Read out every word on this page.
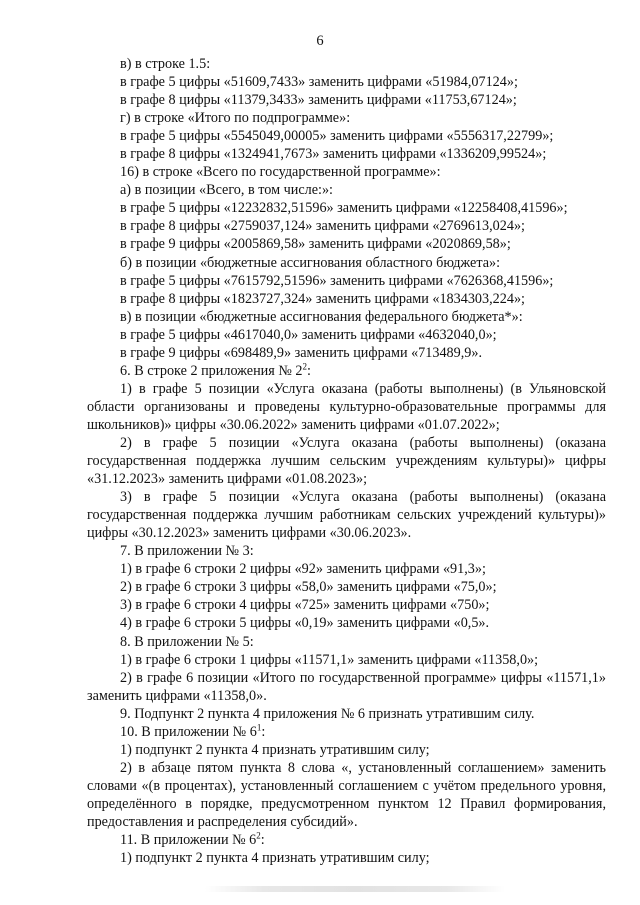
6
в) в строке 1.5:
в графе 5 цифры «51609,7433» заменить цифрами «51984,07124»;
в графе 8 цифры «11379,3433» заменить цифрами «11753,67124»;
г) в строке «Итого по подпрограмме»:
в графе 5 цифры «5545049,00005» заменить цифрами «5556317,22799»;
в графе 8 цифры «1324941,7673» заменить цифрами «1336209,99524»;
16) в строке «Всего по государственной программе»:
а) в позиции «Всего, в том числе:»:
в графе 5 цифры «12232832,51596» заменить цифрами «12258408,41596»;
в графе 8 цифры «2759037,124» заменить цифрами «2769613,024»;
в графе 9 цифры «2005869,58» заменить цифрами «2020869,58»;
б) в позиции «бюджетные ассигнования областного бюджета»:
в графе 5 цифры «7615792,51596» заменить цифрами «7626368,41596»;
в графе 8 цифры «1823727,324» заменить цифрами «1834303,224»;
в) в позиции «бюджетные ассигнования федерального бюджета*»:
в графе 5 цифры «4617040,0» заменить цифрами «4632040,0»;
в графе 9 цифры «698489,9» заменить цифрами «713489,9».
6. В строке 2 приложения № $2^2$:
1) в графе 5 позиции «Услуга оказана (работы выполнены) (в Ульяновской области организованы и проведены культурно-образовательные программы для школьников)» цифры «30.06.2022» заменить цифрами «01.07.2022»;
2) в графе 5 позиции «Услуга оказана (работы выполнены) (оказана государственная поддержка лучшим сельским учреждениям культуры)» цифры «31.12.2023» заменить цифрами «01.08.2023»;
3) в графе 5 позиции «Услуга оказана (работы выполнены) (оказана государственная поддержка лучшим работникам сельских учреждений культуры)» цифры «30.12.2023» заменить цифрами «30.06.2023».
7. В приложении № 3:
1) в графе 6 строки 2 цифры «92» заменить цифрами «91,3»;
2) в графе 6 строки 3 цифры «58,0» заменить цифрами «75,0»;
3) в графе 6 строки 4 цифры «725» заменить цифрами «750»;
4) в графе 6 строки 5 цифры «0,19» заменить цифрами «0,5».
8. В приложении № 5:
1) в графе 6 строки 1 цифры «11571,1» заменить цифрами «11358,0»;
2) в графе 6 позиции «Итого по государственной программе» цифры «11571,1» заменить цифрами «11358,0».
9. Подпункт 2 пункта 4 приложения № 6 признать утратившим силу.
10. В приложении № $6^1$:
1) подпункт 2 пункта 4 признать утратившим силу;
2) в абзаце пятом пункта 8 слова «, установленный соглашением» заменить словами «(в процентах), установленный соглашением с учётом предельного уровня, определённого в порядке, предусмотренном пунктом 12 Правил формирования, предоставления и распределения субсидий».
11. В приложении № $6^2$:
1) подпункт 2 пункта 4 признать утратившим силу;
